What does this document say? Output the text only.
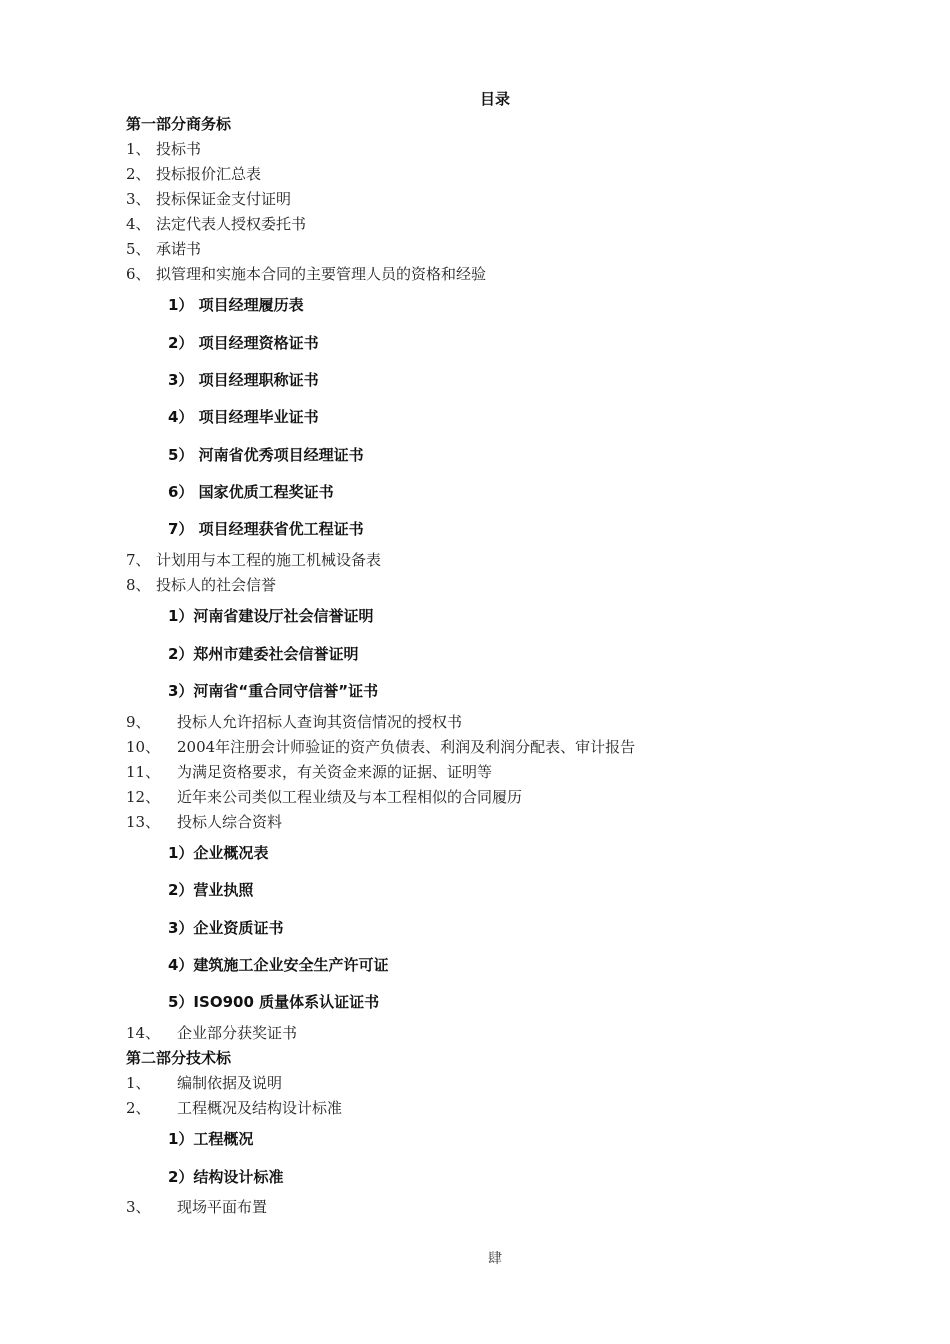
目录
第一部分商务标
1、 投标书
2、 投标报价汇总表
3、 投标保证金支付证明
4、 法定代表人授权委托书
5、 承诺书
6、 拟管理和实施本合同的主要管理人员的资格和经验
1） 项目经理履历表
2） 项目经理资格证书
3） 项目经理职称证书
4） 项目经理毕业证书
5） 河南省优秀项目经理证书
6） 国家优质工程奖证书
7） 项目经理获省优工程证书
7、 计划用与本工程的施工机械设备表
8、 投标人的社会信誉
1）河南省建设厅社会信誉证明
2）郑州市建委社会信誉证明
3）河南省“重合同守信誉”证书
9、 投标人允许招标人查询其资信情况的授权书
10、 2004年注册会计师验证的资产负债表、利润及利润分配表、审计报告
11、 为满足资格要求，有关资金来源的证据、证明等
12、 近年来公司类似工程业绩及与本工程相似的合同履历
13、 投标人综合资料
1）企业概况表
2）营业执照
3）企业资质证书
4）建筑施工企业安全生产许可证
5）ISO900 质量体系认证证书
14、 企业部分获奖证书
第二部分技术标
1、 编制依据及说明
2、 工程概况及结构设计标准
1）工程概况
2）结构设计标准
3、 现场平面布置
肆
